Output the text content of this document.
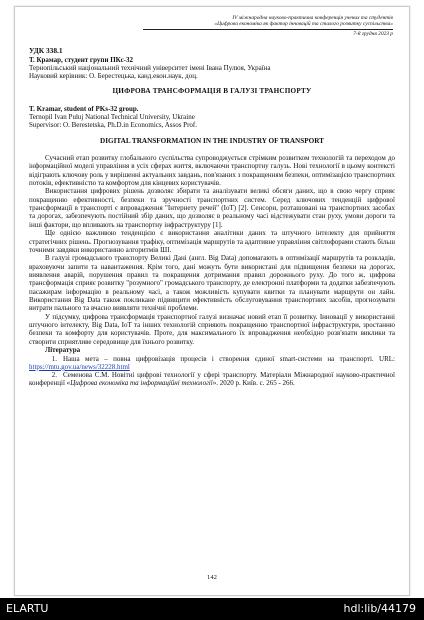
IV міжнародна науково-практична конференція учених та студентів
«Цифрова економіка як фактор інновацій та сталого розвитку суспільства»
7-8 грудня 2023 р
УДК 338.1
Т. Крамар, студент групи ПКс-32
Тернопільський національний технічний університет імені Івана Пулюя, Україна
Науковий керівник: О. Берестецька, канд.екон.наук, доц.
ЦИФРОВА ТРАНСФОРМАЦІЯ В ГАЛУЗІ ТРАНСПОРТУ
T. Kramar, student of PKs-32 group.
Ternopil Ivan Puluj National Technical University, Ukraine
Supervisor: O. Berestetska, Ph.D.in Economics, Assos Prof.
DIGITAL TRANSFORMATION IN THE INDUSTRY OF TRANSPORT

Сучасний етап розвитку глобального суспільства супроводжується стрімким розвитком технологій та переходом до інформаційної моделі управління в усіх сферах життя, включаючи транспортну галузь. Нові технології в цьому контексті відіграють ключову роль у вирішенні актуальних завдань, пов'язаних з покращенням безпеки, оптимізацією транспортних потоків, ефективністю та комфортом для кінцевих користувачів.

Використання цифрових рішень дозволяє збирати та аналізувати великі обсяги даних, що в свою чергу сприяє покращенню ефективності, безпеки та зручності транспортних систем. Серед ключових тенденцій цифрової трансформації в транспорті є впровадження "Інтернету речей" (IoT) [2]. Сенсори, розташовані на транспортних засобах та дорогах, забезпечують постійний збір даних, що дозволяє в реальному часі відстежувати стан руху, умови дороги та інші фактори, що впливають на транспортну інфраструктуру [1].

Ще однією важливою тенденцією є використання аналітики даних та штучного інтелекту для прийняття стратегічних рішень. Прогнозування трафіку, оптимізація маршрутів та адаптивне управління світлофорами стають більш точними завдяки використанню алгоритмів ШІ.

В галузі громадського транспорту Великі Дані (англ. Big Data) допомагають в оптимізації маршрутів та розкладів, враховуючи запити та навантаження. Крім того, дані можуть бути використані для підвищення безпеки на дорогах, виявлення аварій, порушення правил та покращення дотримання правил дорожнього руху. До того ж, цифрова трансформація сприяє розвитку "розумного" громадського транспорту, де електронні платформи та додатки забезпечують пасажирам інформацію в реальному часі, а також можливість купувати квитки та планувати маршрути он лайн. Використання Big Data також покликане підвищити ефективність обслуговування транспортних засобів, прогнозувати витрати пального та вчасно виявляти технічні проблеми.

У підсумку, цифрова трансформація транспортної галузі визначає новий етап її розвитку. Інновації у використанні штучного інтелекту, Big Data, IoT та інших технологій сприяють покращенню транспортної інфраструктури, зростанню безпеки та комфорту для користувачів. Проте, для максимального їх впровадження необхідно розв'язати виклики та створити сприятливе середовище для їхнього розвитку.

Література
1. Наша мета – повна цифровізація процесів і створення єдиної smart-системи на транспорті. URL: https://mtu.gov.ua/news/32228.html
2. Семенова С.М. Новітні цифрові технології у сфері транспорту. Матеріали Міжнародної науково-практичної конференції «Цифрова економіка та інформаційні технології». 2020 р. Київ. с. 265 - 266.
142
ELARTU	hdl:lib/44179
